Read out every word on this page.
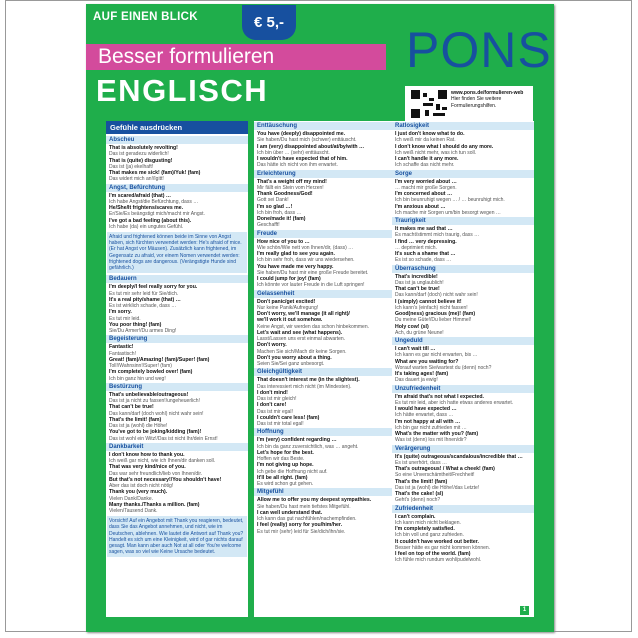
AUF EINEN BLICK	€ 5,-
Besser formulieren
ENGLISCH
PONS
www.pons.de/formulieren-web
Hier finden Sie weitere
Formulierungshilfen.
Gefühle ausdrücken
Abscheu
That is absolutely revolting!
Das ist geradezu widerlich!
That is (quite) disgusting!
Das ist (ja) ekelhaft!
That makes me sick! (fam)/Yuk! (fam)
Das widert mich an!/Igitt!
Angst, Befürchtung
I'm scared/afraid (that) …
Ich habe Angst/die Befürchtung, dass …
He/She/It frightens/scares me.
Er/Sie/Es beängstigt mich/macht mir Angst.
I've got a bad feeling (about this).
Ich habe (da) ein ungutes Gefühl.
Afraid und frightened können beide im Sinne von Angst haben, sich fürchten verwendet werden: He's afraid of mice. (Er hat Angst vor Mäusen). Zusätzlich kann frightened, im Gegensatz zu afraid, vor einem Nomen verwendet werden: frightened dogs are dangerous. (Verängstigte Hunde sind gefährlich.)
Bedauern
I'm deeply/I feel really sorry for you.
Es tut mir sehr leid für Sie/dich.
It's a real pity/shame (that) …
Es ist wirklich schade, dass …
I'm sorry.
Es tut mir leid.
You poor thing! (fam)
Sie/Du Armer!/Du armes Ding!
Begeisterung
Fantastic!
Fantastisch!
Great! (fam)/Amazing! (fam)/Super! (fam)
Toll!/Wahnsinn!/Super! (fam)
I'm completely bowled over! (fam)
Ich bin ganz hin und weg!
Bestürzung
That's unbelievable/outrageous!
Das ist ja nicht zu fassen!/ungeheuerlich!
That can't be true!
Das kann/darf (doch wohl) nicht wahr sein!
That's the limit! (fam)
Das ist ja (wohl) die Höhe!
You've got to be joking/kidding (fam)!
Das ist wohl ein Witz!/Das ist nicht Ihr/dein Ernst!
Dankbarkeit
I don't know how to thank you.
Ich weiß gar nicht, wie ich Ihnen/dir danken soll.
That was very kind/nice of you.
Das war sehr freundlich/lieb von Ihnen/dir.
But that's not necessary!/You shouldn't have!
Aber das ist doch nicht nötig!
Thank you (very much).
Vielen Dank/Danke.
Many thanks./Thanks a million. (fam)
Vielen/Tausend Dank.
Vorsicht! Auf ein Angebot mit Thank you reagieren, bedeutet, dass Sie das Angebot annehmen, und nicht, wie im Deutschen, ablehnen. Wie lautet die Antwort auf Thank you? Handelt es sich um eine Kleinigkeit, wird of gar nichts darauf gesagt. Man kann aber auch Not at all oder You're welcome sagen, was so viel wie Keine Ursache bedeutet.
Enttäuschung
You have (deeply) disappointed me.
Sie haben/Du hast mich (schwer) enttäuscht.
I am (very) disappointed about/at/by/with …
Ich bin über … (sehr) enttäuscht.
I wouldn't have expected that of him.
Das hätte ich nicht von ihm erwartet.
Erleichterung
That's a weight off my mind!
Mir fällt ein Stein vom Herzen!
Thank Goodness/God!
Gott sei Dank!
I'm so glad …!
Ich bin froh, dass …
Done/made it! (fam)
Geschafft!
Freude
How nice of you to …
Wie schön/Wie nett von Ihnen/dir, (dass) …
I'm really glad to see you again.
Ich bin sehr froh, dass wir uns wiedersehen.
You have made me very happy.
Sie haben/Du hast mir eine große Freude bereitet.
I could jump for joy! (fam)
Ich könnte vor lauter Freude in die Luft springen!
Gelassenheit
Don't panic/get excited!
Nur keine Panik/Aufregung!
Don't worry, we'll manage (it all right)/
we'll work it out somehow.
Keine Angst, wir werden das schon hinbekommen.
Let's wait and see (what happens).
Lasst/Lassen uns erst einmal abwarten.
Don't worry.
Machen Sie sich/Mach dir keine Sorgen.
Don't you worry about a thing.
Seien Sie/Sei ganz unbesorgt.
Gleichgültigkeit
That doesn't interest me (in the slightest).
Das interessiert mich nicht (im Mindesten).
I don't mind!
Das ist mir gleich!
I don't care!
Das ist mir egal!
I couldn't care less! (fam)
Das ist mir total egal!
Hoffnung
I'm (very) confident regarding …
Ich bin da ganz zuversichtlich, was … angeht.
Let's hope for the best.
Hoffen wir das Beste.
I'm not giving up hope.
Ich gebe die Hoffnung nicht auf.
It'll be all right. (fam)
Es wird schon gut gehen.
Mitgefühl
Allow me to offer you my deepest sympathies.
Sie haben/Du hast mein tiefstes Mitgefühl.
I can well understand that.
Ich kann das gut nachfühlen/nachempfinden.
I feel (really) sorry for you/him/her.
Es tut mir (sehr) leid für Sie/dich/ihn/sie.
Ratlosigkeit
I just don't know what to do.
Ich weiß mir da keinen Rat.
I don't know what I should do any more.
Ich weiß nicht mehr, was ich tun soll.
I can't handle it any more.
Ich schaffe das nicht mehr.
Sorge
I'm very worried about …
… macht mir große Sorgen.
I'm concerned about …
Ich bin beunruhigt wegen … / … beunruhigt mich.
I'm anxious about …
Ich mache mir Sorgen um/bin besorgt wegen …
Traurigkeit
It makes me sad that …
Es macht/stimmt mich traurig, dass …
I find … very depressing.
… deprimiert mich.
It's such a shame that …
Es ist so schade, dass …
Überraschung
That's incredible!
Das ist ja unglaublich!
That can't be true!
Das kann/darf (doch) nicht wahr sein!
I (simply) cannot believe it!
Ich kann's (einfach) nicht fassen!
Good(ness) gracious (me)! (fam)
Du meine Güte!/Du lieber Himmel!
Holy cow! (sl)
Ach, du grüne Neune!
Ungeduld
I can't wait till …
Ich kann es gar nicht erwarten, bis …
What are you waiting for?
Worauf warten Sie/wartest du (denn) noch?
It's taking ages! (fam)
Das dauert ja ewig!
Unzufriedenheit
I'm afraid that's not what I expected.
Es tut mir leid, aber ich hatte etwas anderes erwartet.
I would have expected …
Ich hätte erwartet, dass …
I'm not happy at all with …
Ich bin gar nicht zufrieden mit …
What's the matter with you? (fam)
Was ist (denn) los mit Ihnen/dir?
Verärgerung
It's (quite) outrageous/scandalous/incredible that …
Es ist unerhört, dass …
That's outrageous! / What a cheek! (fam)
So eine Unverschämtheit/Frechheit!
That's the limit! (fam)
Das ist ja (wohl) die Höhe!/das Letzte!
That's the cake! (sl)
Geht's (denn) noch?
Zufriedenheit
I can't complain.
Ich kann mich nicht beklagen.
I'm completely satisfied.
Ich bin voll und ganz zufrieden.
It couldn't have worked out better.
Besser hätte es gar nicht kommen können.
I feel on top of the world. (fam)
Ich fühle mich rundum wohl/pudelwohl.
1
